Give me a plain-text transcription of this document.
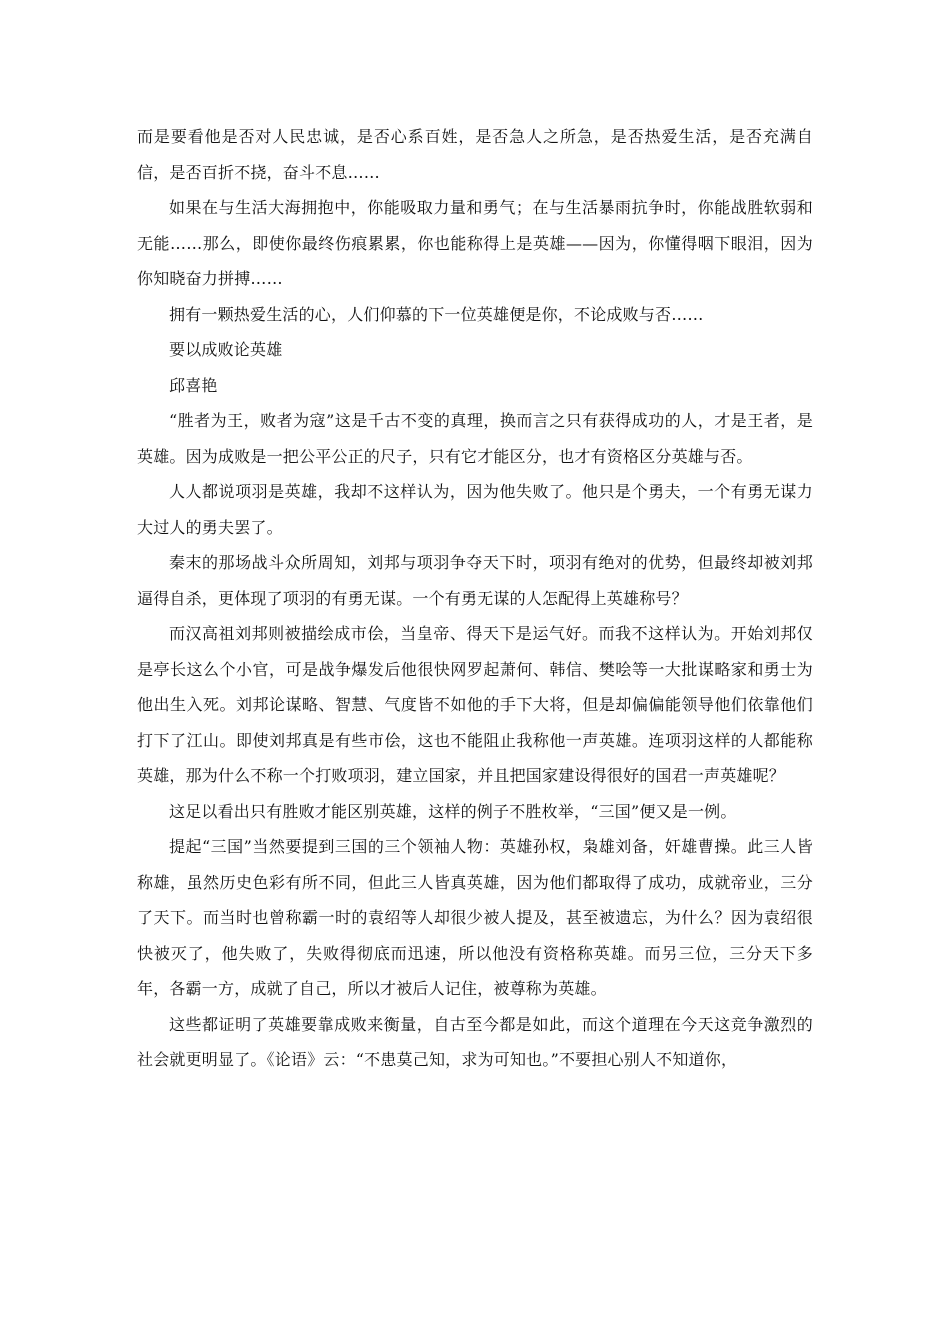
而是要看他是否对人民忠诚，是否心系百姓，是否急人之所急，是否热爱生活，是否充满自信，是否百折不挠，奋斗不息……

如果在与生活大海拥抱中，你能吸取力量和勇气；在与生活暴雨抗争时，你能战胜软弱和无能……那么，即使你最终伤痕累累，你也能称得上是英雄——因为，你懂得咽下眼泪，因为你知晓奋力拼搏……

拥有一颗热爱生活的心，人们仰慕的下一位英雄便是你，不论成败与否……

要以成败论英雄

邱喜艳

“胜者为王，败者为寇”这是千古不变的真理，换而言之只有获得成功的人，才是王者，是英雄。因为成败是一把公平公正的尺子，只有它才能区分，也才有资格区分英雄与否。

人人都说项羽是英雄，我却不这样认为，因为他失败了。他只是个勇夫，一个有勇无谋力大过人的勇夫罢了。

秦末的那场战斗众所周知，刘邦与项羽争夺天下时，项羽有绝对的优势，但最终却被刘邦逼得自杀，更体现了项羽的有勇无谋。一个有勇无谋的人怎配得上英雄称号？

而汉高祖刘邦则被描绘成市侩，当皇帝、得天下是运气好。而我不这样认为。开始刘邦仅是亭长这么个小官，可是战争爆发后他很快网罗起萧何、韩信、樊哙等一大批谋略家和勇士为他出生入死。刘邦论谋略、智慧、气度皆不如他的手下大将，但是却偏偏能领导他们依靠他们打下了江山。即使刘邦真是有些市侩，这也不能阻止我称他一声英雄。连项羽这样的人都能称英雄，那为什么不称一个打败项羽，建立国家，并且把国家建设得很好的国君一声英雄呢？

这足以看出只有胜败才能区别英雄，这样的例子不胜枚举，“三国”便又是一例。

提起“三国”当然要提到三国的三个领袖人物：英雄孙权，枭雄刘备，奸雄曹操。此三人皆称雄，虽然历史色彩有所不同，但此三人皆真英雄，因为他们都取得了成功，成就帝业，三分了天下。而当时也曾称霸一时的袁绍等人却很少被人提及，甚至被遗忘，为什么？因为袁绍很快被灭了，他失败了，失败得彻底而迅速，所以他没有资格称英雄。而另三位，三分天下多年，各霸一方，成就了自己，所以才被后人记住，被尊称为英雄。

这些都证明了英雄要靠成败来衡量，自古至今都是如此，而这个道理在今天这竞争激烈的社会就更明显了。《论语》云：“不患莫己知，求为可知也。”不要担心别人不知道你，
